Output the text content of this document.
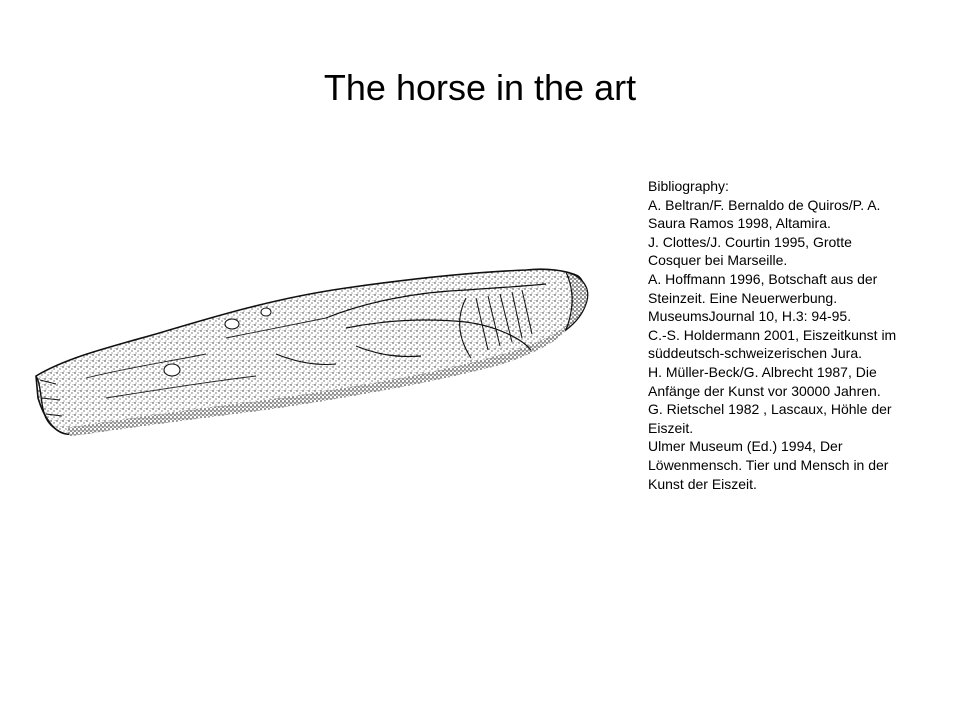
The horse in the art
Bibliography:
A. Beltran/F. Bernaldo de Quiros/P. A.
Saura Ramos 1998, Altamira.
J. Clottes/J. Courtin 1995, Grotte
Cosquer bei Marseille.
A. Hoffmann 1996, Botschaft aus der
Steinzeit. Eine Neuerwerbung.
MuseumsJournal 10, H.3: 94-95.
C.-S. Holdermann 2001, Eiszeitkunst im
süddeutsch-schweizerischen Jura.
H. Müller-Beck/G. Albrecht 1987, Die
Anfänge der Kunst vor 30000 Jahren.
G. Rietschel 1982 , Lascaux, Höhle der
Eiszeit.
Ulmer Museum (Ed.) 1994, Der
Löwenmensch. Tier und Mensch in der
Kunst der Eiszeit.
